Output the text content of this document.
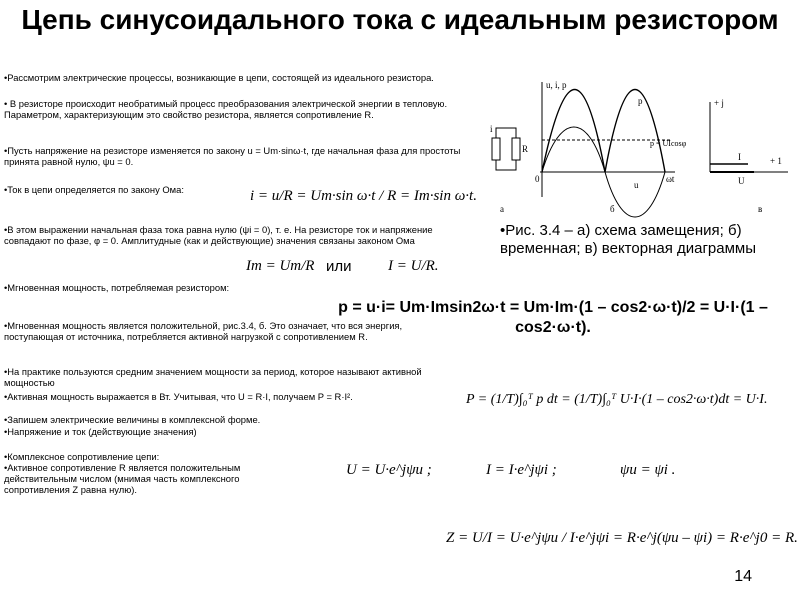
Цепь синусоидального тока с идеальным резистором
•Рассмотрим электрические процессы, возникающие в цепи, состоящей из идеального резистора.
• В резисторе происходит необратимый процесс преобразования электрической энергии в тепловую. Параметром, характеризующим это свойство резистора, является сопротивление R.
•Пусть напряжение на резисторе изменяется по закону u = Um·sinω·t, где начальная фаза для простоты принята равной нулю, ψu = 0.
•Ток в цепи определяется по закону Ома:
•В этом выражении начальная фаза тока равна нулю (ψi = 0), т. е. На резисторе ток и напряжение совпадают по фазе, φ = 0. Амплитудные (как и действующие) значения связаны законом Ома
•Мгновенная мощность, потребляемая резистором:
•Мгновенная мощность является положительной, рис.3.4, б. Это означает, что вся энергия, поступающая от источника, потребляется активной нагрузкой с сопротивлением R.
•На практике пользуются средним значением мощности за период, которое называют активной мощностью
•Активная мощность выражается в Вт. Учитывая, что U = R·I, получаем P = R·I².
•Запишем электрические величины в комплексной форме.
•Напряжение и ток (действующие значения)
•Комплексное сопротивление цепи:
•Активное сопротивление R является положительным действительным числом (мнимая часть комплексного сопротивления Z равна нулю).
i = u/R = Um·sin ω·t / R = Im·sin ω·t.
Im = Um/R или I = U/R.
p = u·i= Um·Imsin2ω·t = Um·Im·(1 – cos2·ω·t)/2 = U·I·(1 – cos2·ω·t).
P = (1/T)∫₀ᵀ p dt = (1/T)∫₀ᵀ U·I·(1 – cos2·ω·t)dt = U·I.
U = U·e^jψu ;	I = I·e^jψi ;	ψu = ψi .
Z = U/I = U·e^jψu / I·e^jψi = R·e^j(ψu – ψi) = R·e^j0 = R.
i
R
а
u, i, p
0	ωt
p
p = UIcosφ
u
б
+ j
+ 1
I
U
в
•Рис. 3.4 – а) схема замещения; б) временная; в) векторная диаграммы
14
